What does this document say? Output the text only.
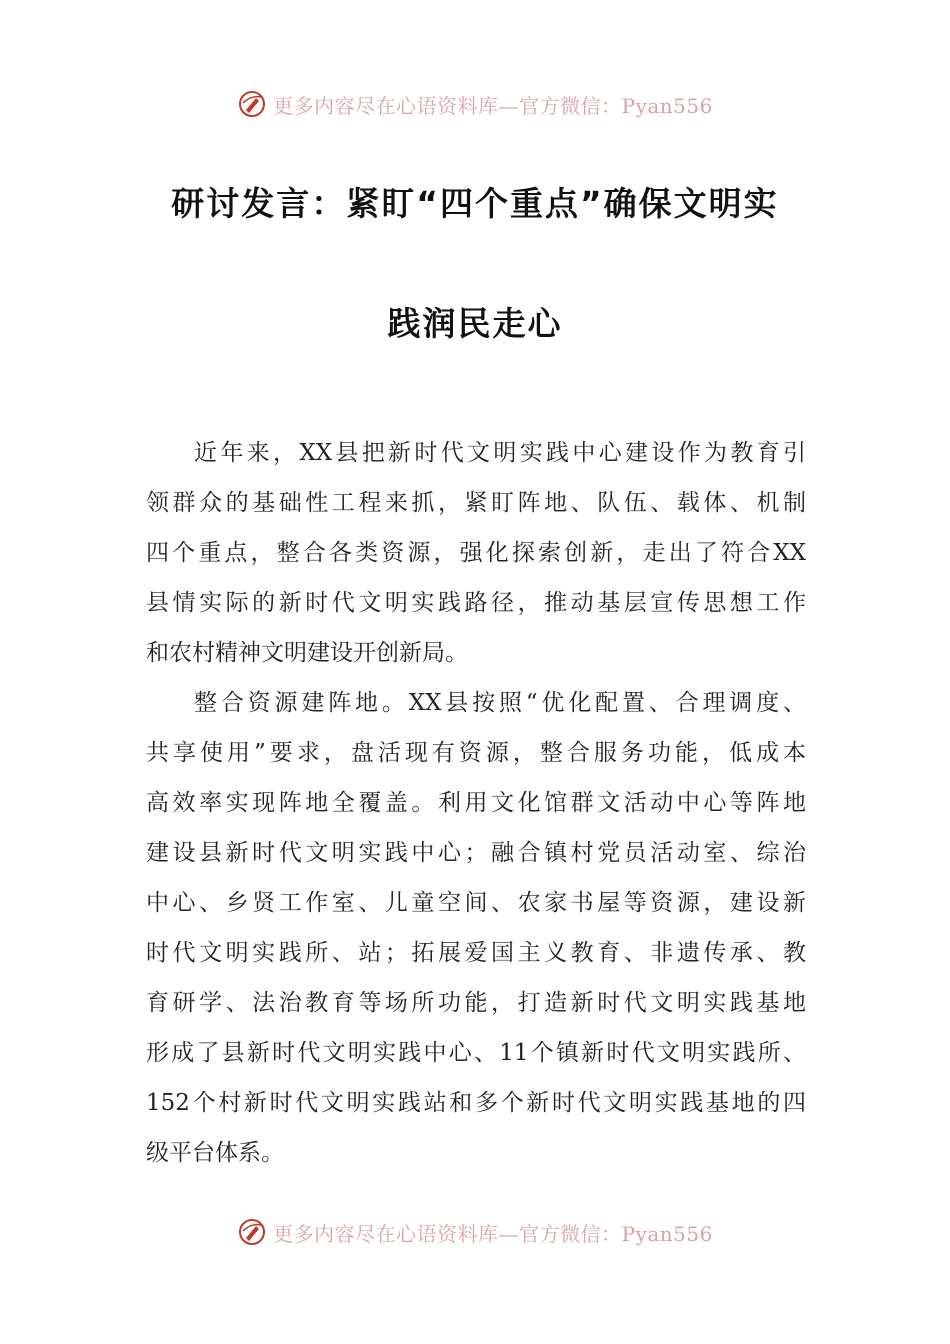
更多内容尽在心语资料库—官方微信：Pyan556
研讨发言：紧盯“四个重点”确保文明实
践润民走心
近年来，XX县把新时代文明实践中心建设作为教育引
领群众的基础性工程来抓，紧盯阵地、队伍、载体、机制
四个重点，整合各类资源，强化探索创新，走出了符合XX
县情实际的新时代文明实践路径，推动基层宣传思想工作
和农村精神文明建设开创新局。
整合资源建阵地。XX县按照“优化配置、合理调度、
共享使用”要求，盘活现有资源，整合服务功能，低成本
高效率实现阵地全覆盖。利用文化馆群文活动中心等阵地
建设县新时代文明实践中心；融合镇村党员活动室、综治
中心、乡贤工作室、儿童空间、农家书屋等资源，建设新
时代文明实践所、站；拓展爱国主义教育、非遗传承、教
育研学、法治教育等场所功能，打造新时代文明实践基地
形成了县新时代文明实践中心、11个镇新时代文明实践所、
152个村新时代文明实践站和多个新时代文明实践基地的四
级平台体系。
更多内容尽在心语资料库—官方微信：Pyan556
